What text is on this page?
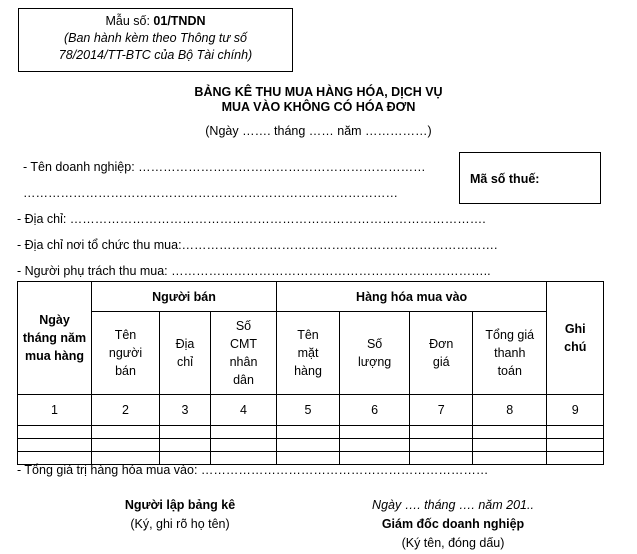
Mẫu số: 01/TNDN
(Ban hành kèm theo Thông tư số
78/2014/TT-BTC của Bộ Tài chính)
BẢNG KÊ THU MUA HÀNG HÓA, DỊCH VỤ
MUA VÀO KHÔNG CÓ HÓA ĐƠN
(Ngày ……. tháng …… năm ……………)
- Tên doanh nghiệp: ……………………………………………………………
………………………………………………………………………………
Mã số thuế:
- Địa chỉ: ……………………………………………………………………………………….
- Địa chỉ nơi tổ chức thu mua:………………………………………………………………….
- Người phụ trách thu mua: …………………………………………………………………..
Ngày tháng năm mua hàng	Người bán			Hàng hóa mua vào				Ghi chú

	Tên người bán	Địa chỉ	Số CMT nhân dân	Tên mặt hàng	Số lượng	Đơn giá	Tổng giá thanh toán	

1	2	3	4	5	6	7	8	9

- Tổng giá trị hàng hóa mua vào: ……………………………………………………………
Người lập bảng kê
(Ký, ghi rõ họ tên)
Ngày …. tháng …. năm 201..
Giám đốc doanh nghiệp
(Ký tên, đóng dấu)
